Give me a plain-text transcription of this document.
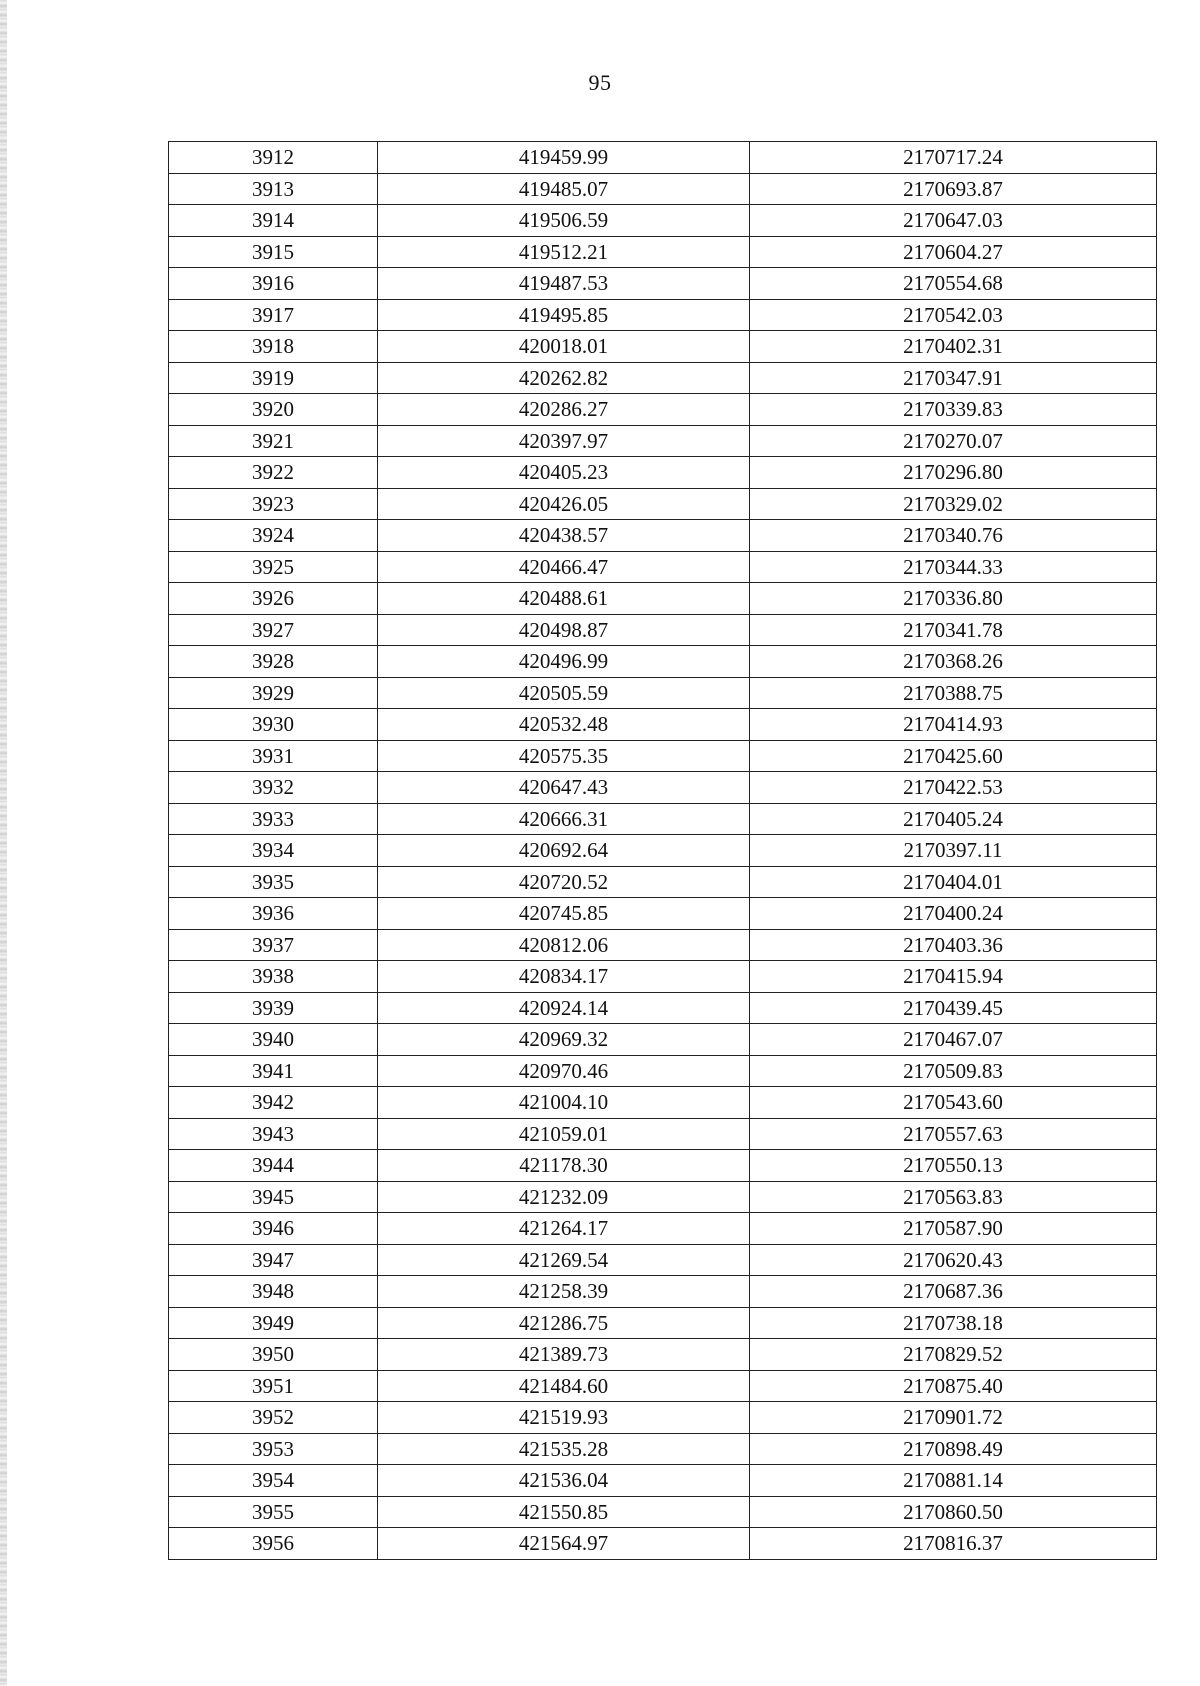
95
3912	419459.99	2170717.24
3913	419485.07	2170693.87
3914	419506.59	2170647.03
3915	419512.21	2170604.27
3916	419487.53	2170554.68
3917	419495.85	2170542.03
3918	420018.01	2170402.31
3919	420262.82	2170347.91
3920	420286.27	2170339.83
3921	420397.97	2170270.07
3922	420405.23	2170296.80
3923	420426.05	2170329.02
3924	420438.57	2170340.76
3925	420466.47	2170344.33
3926	420488.61	2170336.80
3927	420498.87	2170341.78
3928	420496.99	2170368.26
3929	420505.59	2170388.75
3930	420532.48	2170414.93
3931	420575.35	2170425.60
3932	420647.43	2170422.53
3933	420666.31	2170405.24
3934	420692.64	2170397.11
3935	420720.52	2170404.01
3936	420745.85	2170400.24
3937	420812.06	2170403.36
3938	420834.17	2170415.94
3939	420924.14	2170439.45
3940	420969.32	2170467.07
3941	420970.46	2170509.83
3942	421004.10	2170543.60
3943	421059.01	2170557.63
3944	421178.30	2170550.13
3945	421232.09	2170563.83
3946	421264.17	2170587.90
3947	421269.54	2170620.43
3948	421258.39	2170687.36
3949	421286.75	2170738.18
3950	421389.73	2170829.52
3951	421484.60	2170875.40
3952	421519.93	2170901.72
3953	421535.28	2170898.49
3954	421536.04	2170881.14
3955	421550.85	2170860.50
3956	421564.97	2170816.37
